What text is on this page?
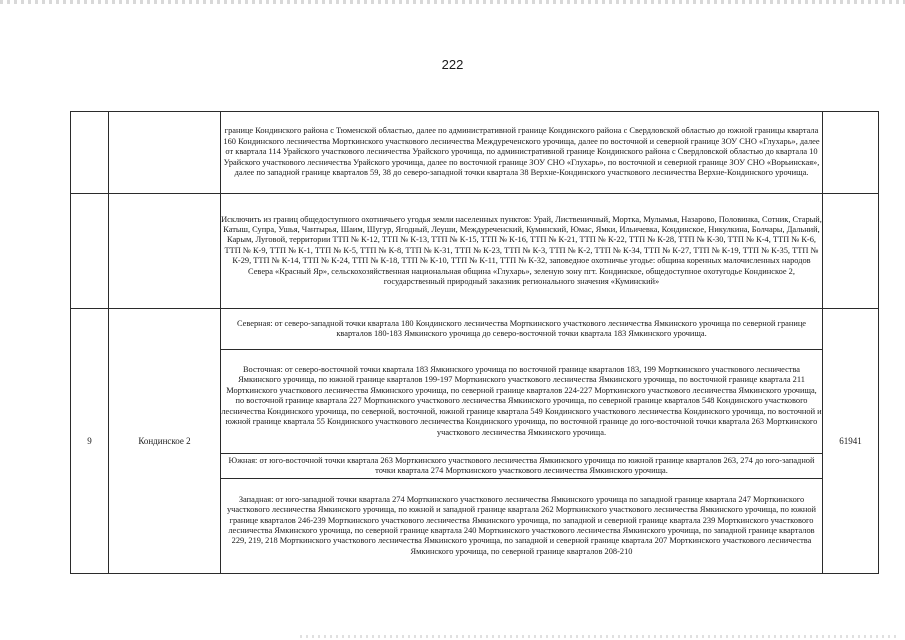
222
		границе Кондинского района с Тюменской областью, далее по административной границе Кондинского района с Свердловской областью до южной границы квартала 160 Кондинского лесничества Морткинского участкового лесничества Междуреченского урочища, далее по восточной и северной границе ЗОУ СНО «Глухарь», далее от квартала 114 Урайского участкового лесничества Урайского урочища, по административной границе Кондинского района с Свердловской областью до квартала 10 Урайского участкового лесничества Урайского урочища, далее по восточной границе ЗОУ СНО «Глухарь», по восточной и северной границе ЗОУ СНО «Ворьинская», далее по западной границе кварталов 59, 38 до северо-западной точки квартала 38 Верхне-Кондинского участкового лесничества Верхне-Кондинского урочища.	
		Исключить из границ общедоступного охотничьего угодья земли населенных пунктов: Урай, Лиственичный, Мортка, Мулымья, Назарово, Половинка, Сотник, Старый, Катыш, Супра, Ушья, Чантырья, Шаим, Шугур, Ягодный, Леуши, Междуреченский, Куминский, Юмас, Ямки, Ильичевка, Кондинское, Никулкина, Болчары, Дальний, Карым, Луговой, территории ТТП № К-12, ТТП № К-13, ТТП № К-15, ТТП № К-16, ТТП № К-21, ТТП № К-22, ТТП № К-28, ТТП № К-30, ТТП № К-4, ТТП № К-6, ТТП № К-9, ТТП № К-1, ТТП № К-5, ТТП № К-8, ТТП № К-31, ТТП № К-23, ТТП № К-3, ТТП № К-2, ТТП № К-34, ТТП № К-27, ТТП № К-19, ТТП № К-35, ТТП № К-29, ТТП № К-14, ТТП № К-24, ТТП № К-18, ТТП № К-10, ТТП № К-11, ТТП № К-32, заповедное охотничье угодье: община коренных малочисленных народов Севера «Красный Яр», сельскохозяйственная национальная община «Глухарь», зеленую зону пгт. Кондинское, общедоступное охотугодье Кондинское 2, государственный природный заказник регионального значения «Куминский»	
9	Кондинское 2	Северная: от северо-западной точки квартала 180 Кондинского лесничества Морткинского участкового лесничества Ямкинского урочища по северной границе кварталов 180-183 Ямкинского урочища до северо-восточной точки квартала 183 Ямкинского урочища.	61941
		Восточная: от северо-восточной точки квартала 183 Ямкинского урочища по восточной границе кварталов 183, 199 Морткинского участкового лесничества Ямкинского урочища, по южной границе кварталов 199-197 Морткинского участкового лесничества Ямкинского урочища, по восточной границе квартала 211 Морткинского участкового лесничества Ямкинского урочища, по северной границе кварталов 224-227 Морткинского участкового лесничества Ямкинского урочища, по восточной границе квартала 227 Морткинского участкового лесничества Ямкинского урочища, по северной границе кварталов 548 Кондинского участкового лесничества Кондинского урочища, по северной, восточной, южной границе квартала 549 Кондинского участкового лесничества Кондинского урочища, по восточной и южной границе квартала 55 Кондинского участкового лесничества Кондинского урочища, по восточной границе до юго-восточной точки квартала 263 Морткинского участкового лесничества Ямкинского урочища.	
		Южная: от юго-восточной точки квартала 263 Морткинского участкового лесничества Ямкинского урочища по южной границе кварталов 263, 274 до юго-западной точки квартала 274 Морткинского участкового лесничества Ямкинского урочища.	
		Западная: от юго-западной точки квартала 274 Морткинского участкового лесничества Ямкинского урочища по западной границе квартала 247 Морткинского участкового лесничества Ямкинского урочища, по южной и западной границе квартала 262 Морткинского участкового лесничества Ямкинского урочища, по южной границе кварталов 246-239 Морткинского участкового лесничества Ямкинского урочища, по западной и северной границе квартала 239 Морткинского участкового лесничества Ямкинского урочища, по северной границе квартала 240 Морткинского участкового лесничества Ямкинского урочища, по западной границе кварталов 229, 219, 218 Морткинского участкового лесничества Ямкинского урочища, по западной и северной границе квартала 207 Морткинского участкового лесничества Ямкинского урочища, по северной границе кварталов 208-210	
